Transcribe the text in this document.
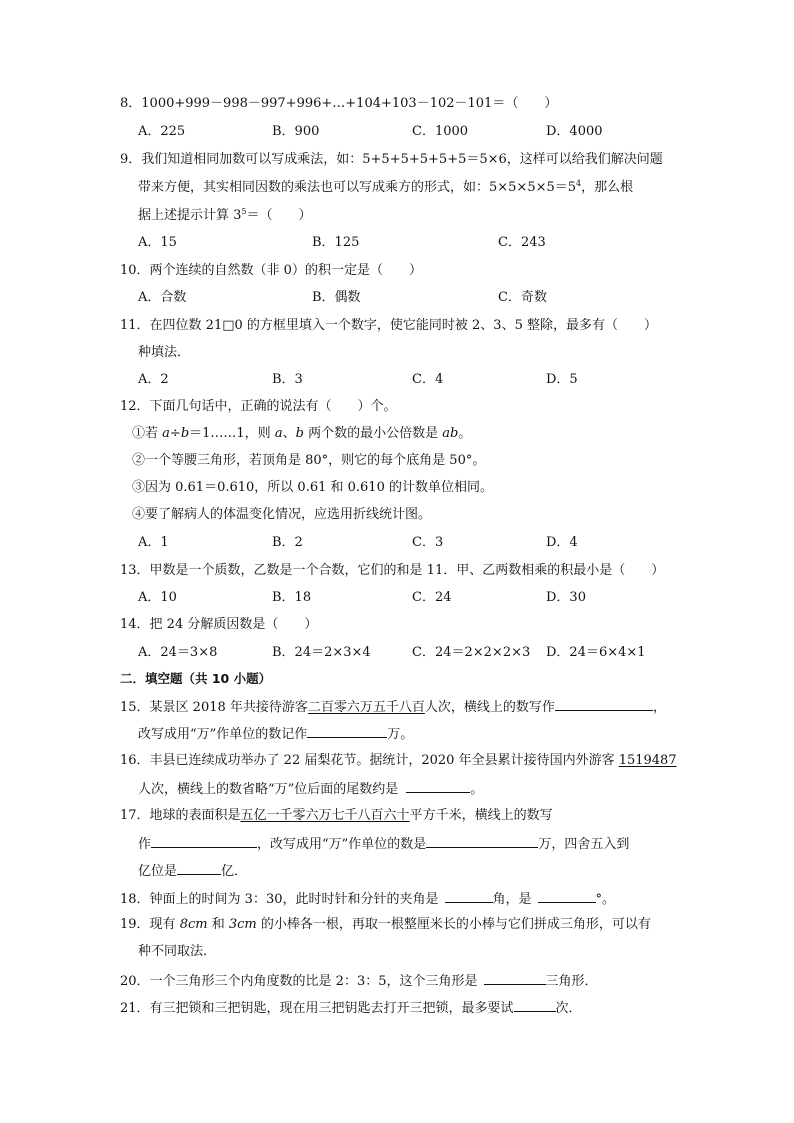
8．1000+999－998－997+996+…+104+103－102－101＝（　　）
A．225	B．900	C．1000	D．4000
9．我们知道相同加数可以写成乘法，如：5+5+5+5+5+5＝5×6，这样可以给我们解决问题
带来方便，其实相同因数的乘法也可以写成乘方的形式，如：$5\times 5\times 5\times 5=5^4$，那么根
据上述提示计算 $3^5=$（　　）
A．15	B．125	C．243
10．两个连续的自然数（非 0）的积一定是（　　）
A．合数	B．偶数	C．奇数
11．在四位数 21□0 的方框里填入一个数字，使它能同时被 2、3、5 整除，最多有（　　）
种填法．
A．2	B．3	C．4	D．5
12．下面几句话中，正确的说法有（　　）个。
①若 a÷b＝1……1，则 a、b 两个数的最小公倍数是 ab。
②一个等腰三角形，若顶角是 80°，则它的每个底角是 50°。
③因为 0.61＝0.610，所以 0.61 和 0.610 的计数单位相同。
④要了解病人的体温变化情况，应选用折线统计图。
A．1	B．2	C．3	D．4
13．甲数是一个质数，乙数是一个合数，它们的和是 11．甲、乙两数相乘的积最小是（　　）
A．10	B．18	C．24	D．30
14．把 24 分解质因数是（　　）
A．24＝3×8	B．24＝2×3×4	C．24＝2×2×2×3 D．24＝6×4×1
二．填空题（共 10 小题）
15．某景区 2018 年共接待游客二百零六万五千八百人次，横线上的数写作	，
改写成用“万”作单位的数记作	万。
16．丰县已连续成功举办了 22 届梨花节。据统计，2020 年全县累计接待国内外游客 1519487
人次，横线上的数省略“万”位后面的尾数约是	。
17．地球的表面积是五亿一千零六万七千八百六十平方千米，横线上的数写
作	，改写成用“万”作单位的数是	万，四舍五入到
亿位是	亿．
18．钟面上的时间为 3：30，此时时针和分针的夹角是	角，是	°。
19．现有 8cm 和 3cm 的小棒各一根，再取一根整厘米长的小棒与它们拼成三角形，可以有
种不同取法．
20．一个三角形三个内角度数的比是 2：3：5，这个三角形是	三角形．
21．有三把锁和三把钥匙，现在用三把钥匙去打开三把锁，最多要试	次．
